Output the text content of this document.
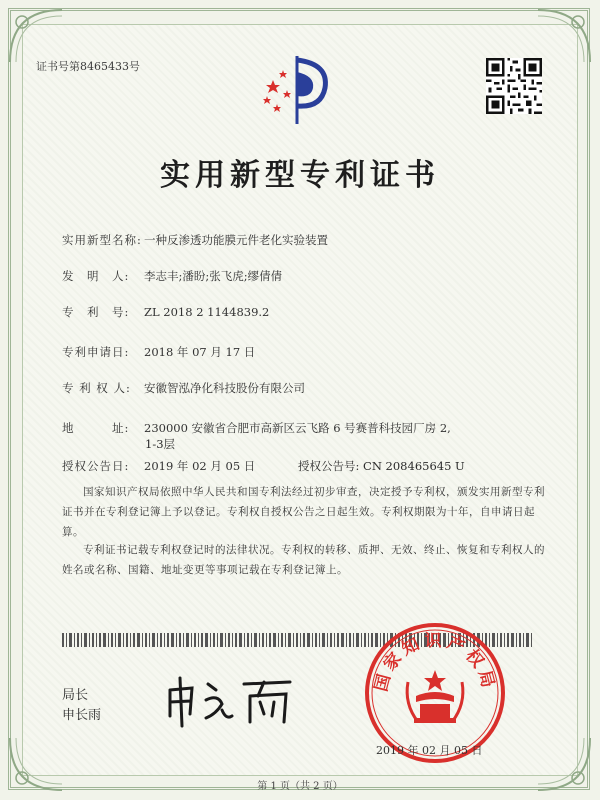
证书号第8465433号
实用新型专利证书
实用新型名称: 一种反渗透功能膜元件老化实验装置
发　明　人: 李志丰;潘盼;张飞虎;缪倩倩
专　利　号: ZL 2018 2 1144839.2
专利申请日: 2018 年 07 月 17 日
专 利 权 人: 安徽智泓净化科技股份有限公司
地　　　址: 230000 安徽省合肥市高新区云飞路 6 号赛普科技园厂房 2,
1-3层
授权公告日: 2019 年 02 月 05 日	授权公告号: CN 208465645 U
国家知识产权局依照中华人民共和国专利法经过初步审查，决定授予专利权，颁发实用新型专利证书并在专利登记簿上予以登记。专利权自授权公告之日起生效。专利权期限为十年，自申请日起算。
专利证书记载专利权登记时的法律状况。专利权的转移、质押、无效、终止、恢复和专利权人的姓名或名称、国籍、地址变更等事项记载在专利登记簿上。
局长
申长雨
国家知识产权局
2019 年 02 月 05 日
第 1 页（共 2 页）
